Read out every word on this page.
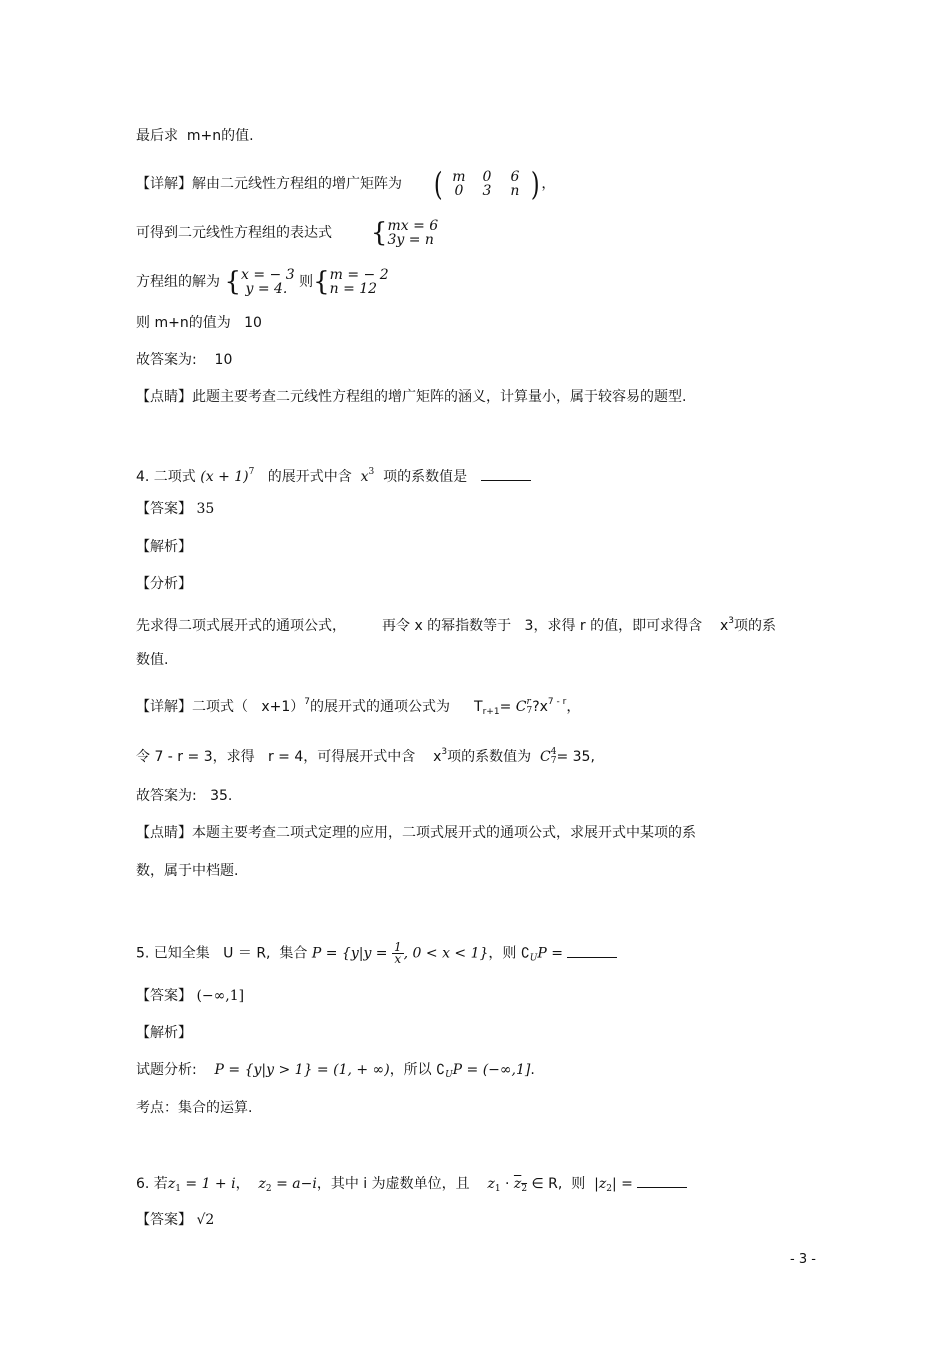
最后求 m+n的值.
【详解】解由二元线性方程组的增广矩阵为 ( m	0	6
0	3	n ) ，
可得到二元线性方程组的表达式 {mx = 6
3y = n
方程组的解为 {x = − 3
y = 4. 则{m = − 2
n = 12
则 m+n的值为 10
故答案为: 10
【点睛】此题主要考查二元线性方程组的增广矩阵的涵义，计算量小，属于较容易的题型.
4. 二项式 $(x + 1)^7$ 的展开式中含 $x^3$ 项的系数值是
【答案】 35
【解析】
【分析】
先求得二项式展开式的通项公式，	再令 x 的幂指数等于 3，求得 r 的值，即可求得含 $x^3$项的系
数值.
【详解】二项式（ x+1）$^7$的展开式的通项公式为 $T_{r+1}= C$ r
7 $?x^{7 - r}$，
令 7 - r = 3，求得 r = 4，可得展开式中含 $x^3$项的系数值为 C 4
7 = 35,
故答案为: 35.
【点睛】本题主要考查二项式定理的应用，二项式展开式的通项公式，求展开式中某项的系
数，属于中档题.
5. 已知全集 U ＝ R, 集合 $P = \{y|y = \frac{1}{x}$ , 0 < x < 1}，则 $∁_UP$ =
【答案】 (−∞,1]
【解析】
试题分析: P = {y|y > 1} = (1, + ∞)，所以 $∁_UP = (-\infty,1]$.
考点：集合的运算.
6. 若$z_1 = 1 + i$， $z_2 = a-i$，其中 i 为虚数单位，且 $z_1 \cdot \overline{z}_2$ ∈ R, 则 $|z_2|$ =
【答案】 √2
- 3 -
